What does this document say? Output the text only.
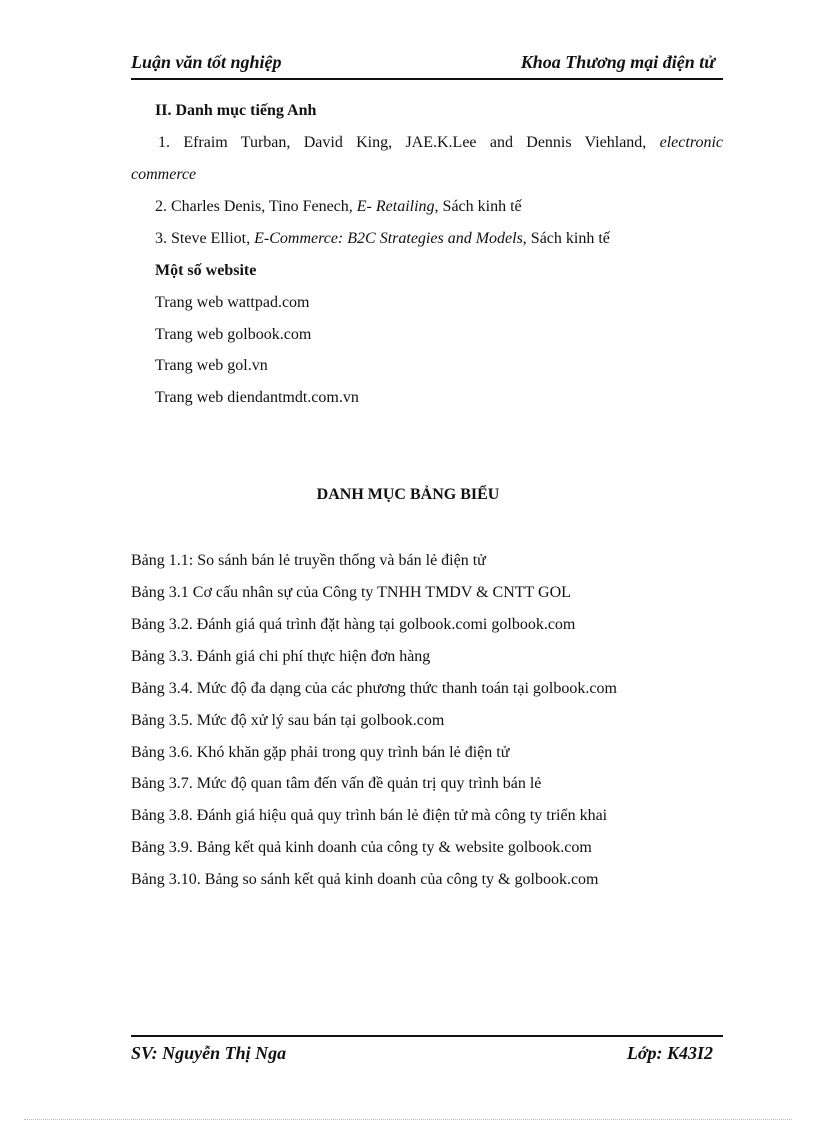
Luận văn tốt nghiệp	Khoa Thương mại điện tử
II. Danh mục tiếng Anh
1. Efraim Turban, David King, JAE.K.Lee and Dennis Viehland, electronic
commerce
2. Charles Denis, Tino Fenech, E- Retailing, Sách kinh tế
3. Steve Elliot, E-Commerce: B2C Strategies and Models, Sách kinh tế
Một số website
Trang web wattpad.com
Trang web golbook.com
Trang web gol.vn
Trang web diendantmdt.com.vn
DANH MỤC BẢNG BIỂU
Bảng 1.1: So sánh bán lẻ truyền thống và bán lẻ điện tử
Bảng 3.1 Cơ cấu nhân sự của Công ty TNHH TMDV & CNTT GOL
Bảng 3.2. Đánh giá quá trình đặt hàng tại golbook.comi golbook.com
Bảng 3.3. Đánh giá chi phí thực hiện đơn hàng
Bảng 3.4. Mức độ đa dạng của các phương thức thanh toán tại golbook.com
Bảng 3.5. Mức độ xử lý sau bán tại golbook.com
Bảng 3.6. Khó khăn gặp phải trong quy trình bán lẻ điện tử
Bảng 3.7. Mức độ quan tâm đến vấn đề quản trị quy trình bán lẻ
Bảng 3.8. Đánh giá hiệu quả quy trình bán lẻ điện tử mà công ty triển khai
Bảng 3.9. Bảng kết quả kinh doanh của công ty & website golbook.com
Bảng 3.10. Bảng so sánh kết quả kinh doanh của công ty & golbook.com
SV: Nguyễn Thị Nga	Lớp: K43I2
